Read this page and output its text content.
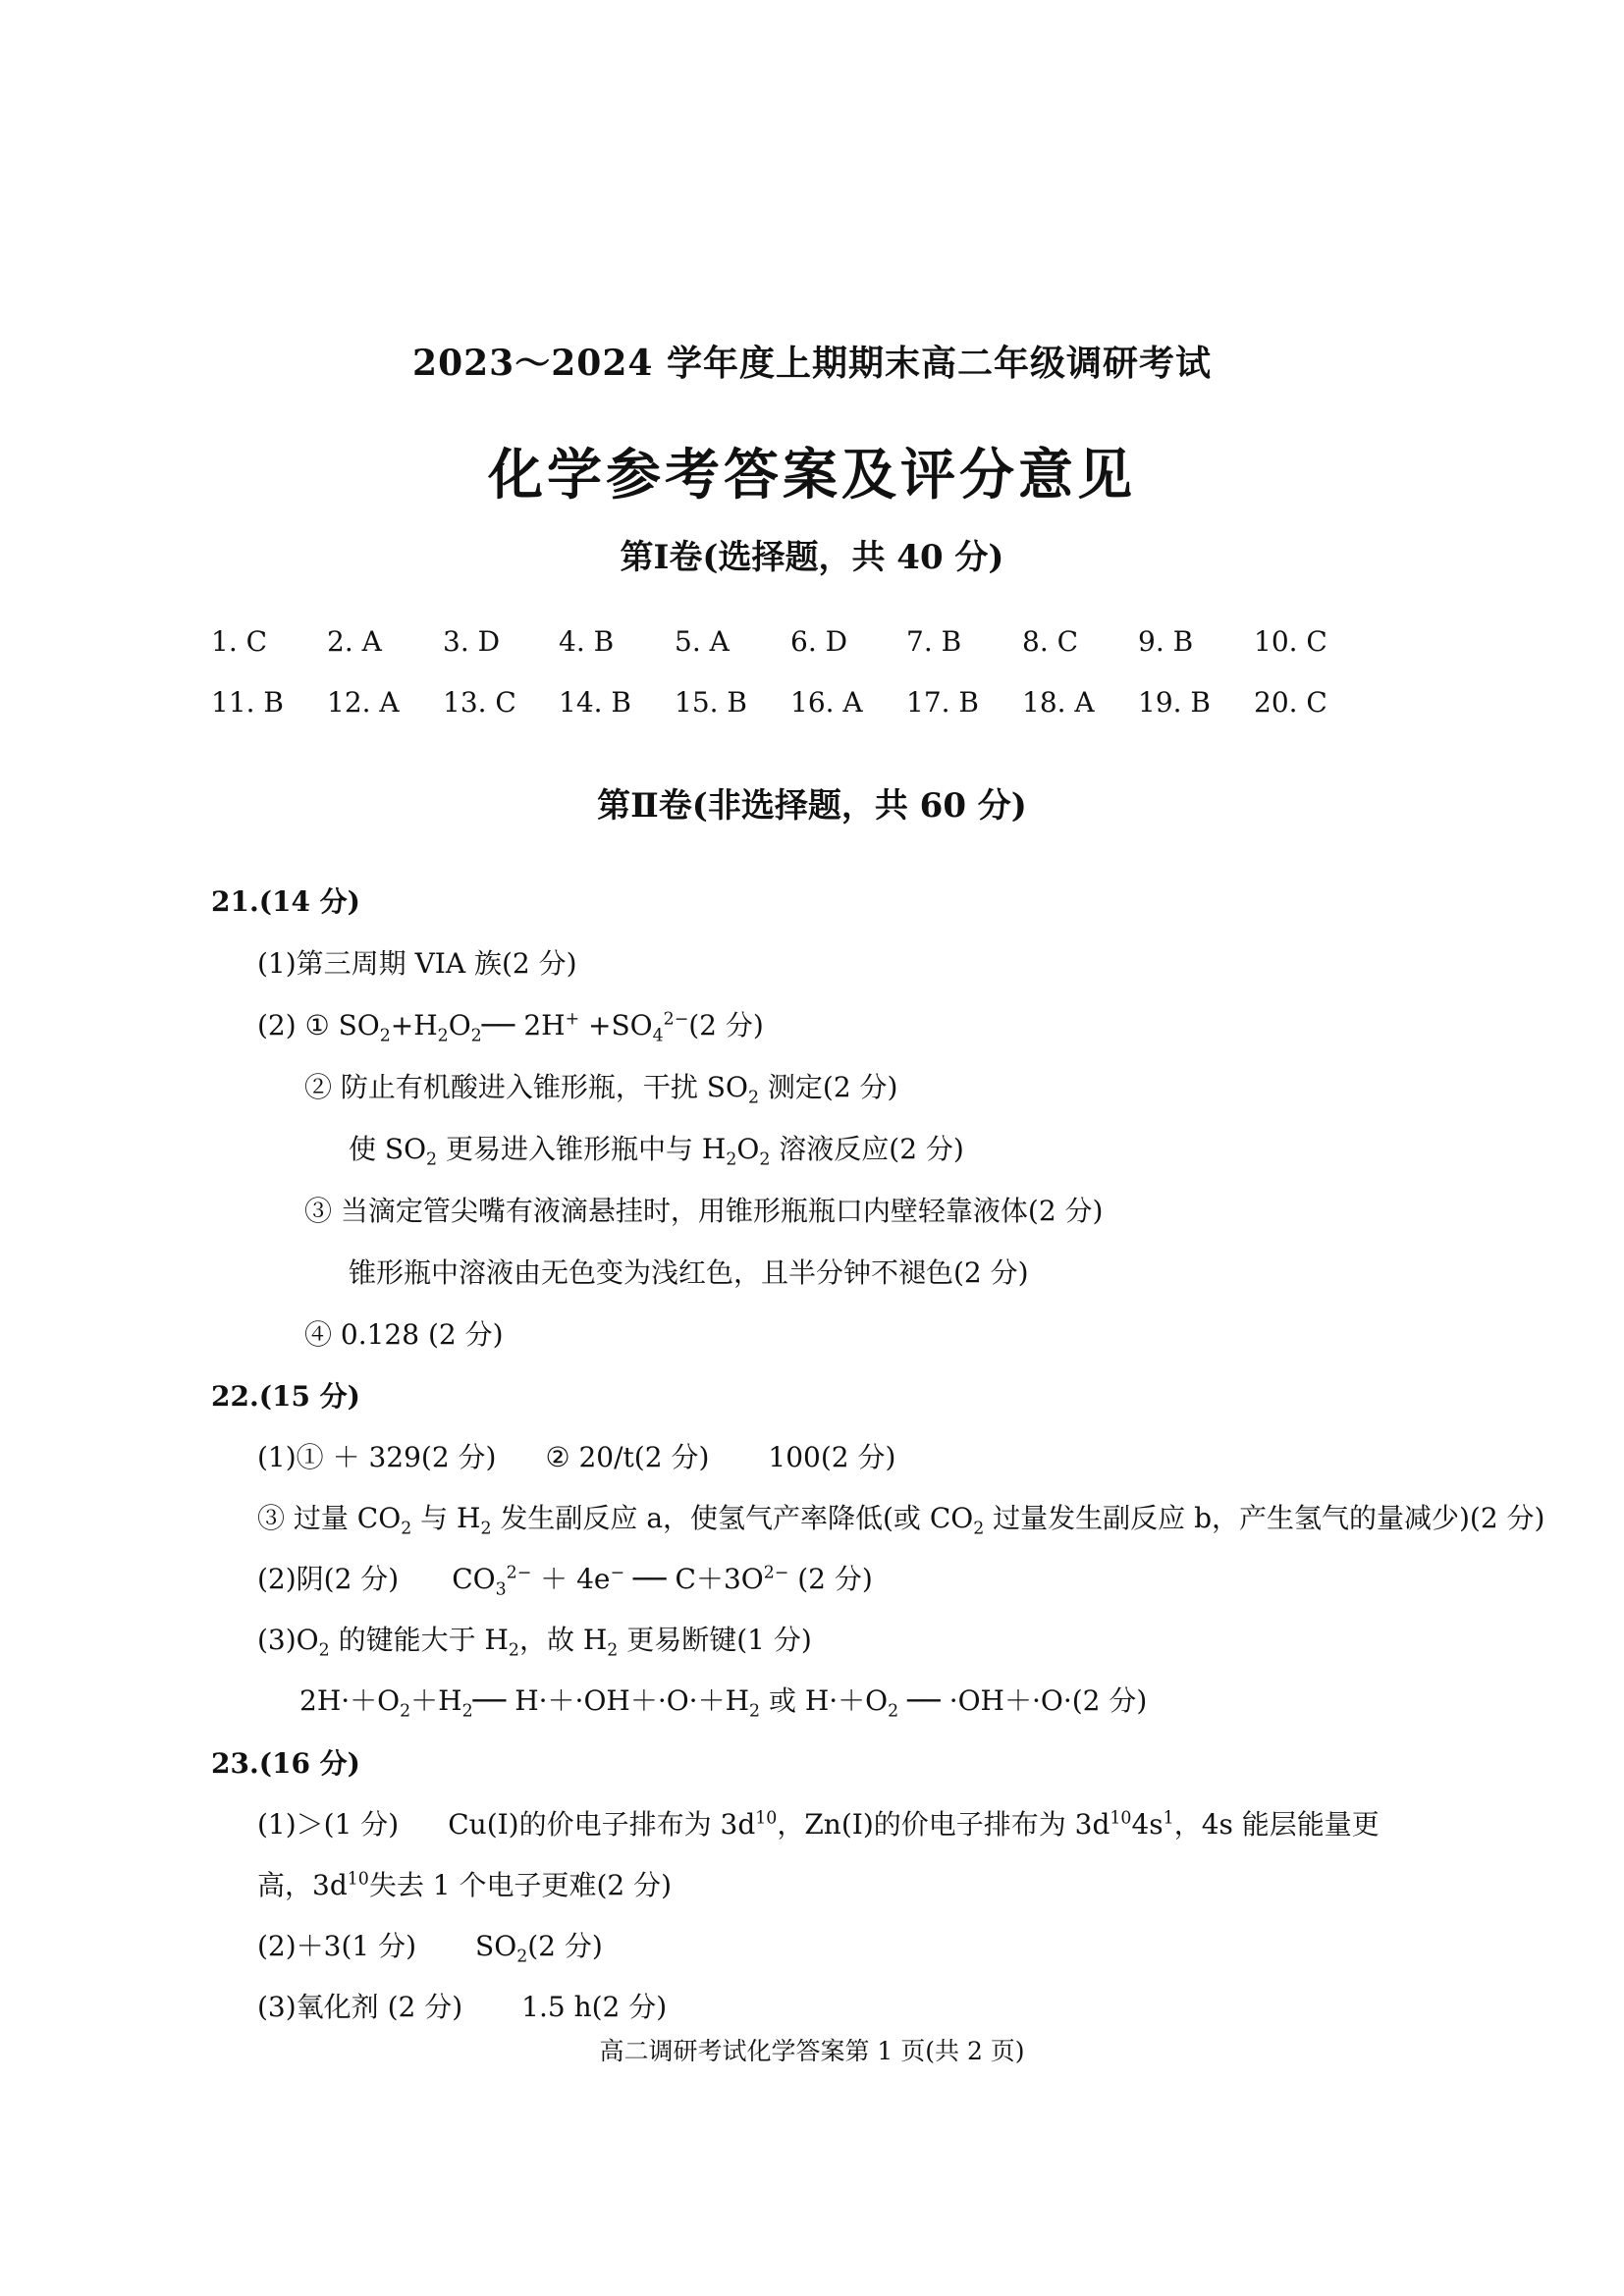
2023～2024 学年度上期期末高二年级调研考试
化学参考答案及评分意见
第Ⅰ卷(选择题，共 40 分)
1. C 2. A 3. D 4. B 5. A 6. D 7. B 8. C 9. B 10. C
11. B 12. A 13. C 14. B 15. B 16. A 17. B 18. A 19. B 20. C
第Ⅱ卷(非选择题，共 60 分)
21.(14 分)
(1)第三周期 VIA 族(2 分)
(2) ① $SO_2+H_2O_2──$ $2H^+ +SO_4^{2-}(2$ 分)
② 防止有机酸进入锥形瓶，干扰 $SO_2$ 测定(2 分)
使 $SO_2$ 更易进入锥形瓶中与 $H_2O_2$ 溶液反应(2 分)
③ 当滴定管尖嘴有液滴悬挂时，用锥形瓶瓶口内壁轻靠液体(2 分)
锥形瓶中溶液由无色变为浅红色，且半分钟不褪色(2 分)
④ 0.128 (2 分)
22.(15 分)
(1)① ＋ 329(2 分) ② 20/t(2 分) 100(2 分)
③ 过量 $CO_2$ 与 $H_2$ 发生副反应 a，使氢气产率降低(或 $CO_2$ 过量发生副反应 b，产生氢气的量减少)(2 分)
(2)阴(2 分) $CO_3^{2-} + 4e^-$ ── $C+3O^{2-}$ (2 分)
$(3)O_2$ 的键能大于 $H_2$，故 $H_2$ 更易断键(1 分)
$2H\cdot+O_2+H_2──$ $H\cdot+\cdot OH+\cdot O\cdot+H_2$ 或 $H\cdot+O_2$ ── ·OH＋·O·(2 分)
23.(16 分)
(1)＞(1 分) Cu(Ⅰ)的价电子排布为 $3d^{10}$，Zn(Ⅰ)的价电子排布为 $3d^{10}4s^1$，4s 能层能量更
高，$3d^{10}$失去 1 个电子更难(2 分)
(2)＋3(1 分) $SO_2(2$ 分)
(3)氧化剂 (2 分) 1.5 h(2 分)
高二调研考试化学答案第 1 页(共 2 页)
